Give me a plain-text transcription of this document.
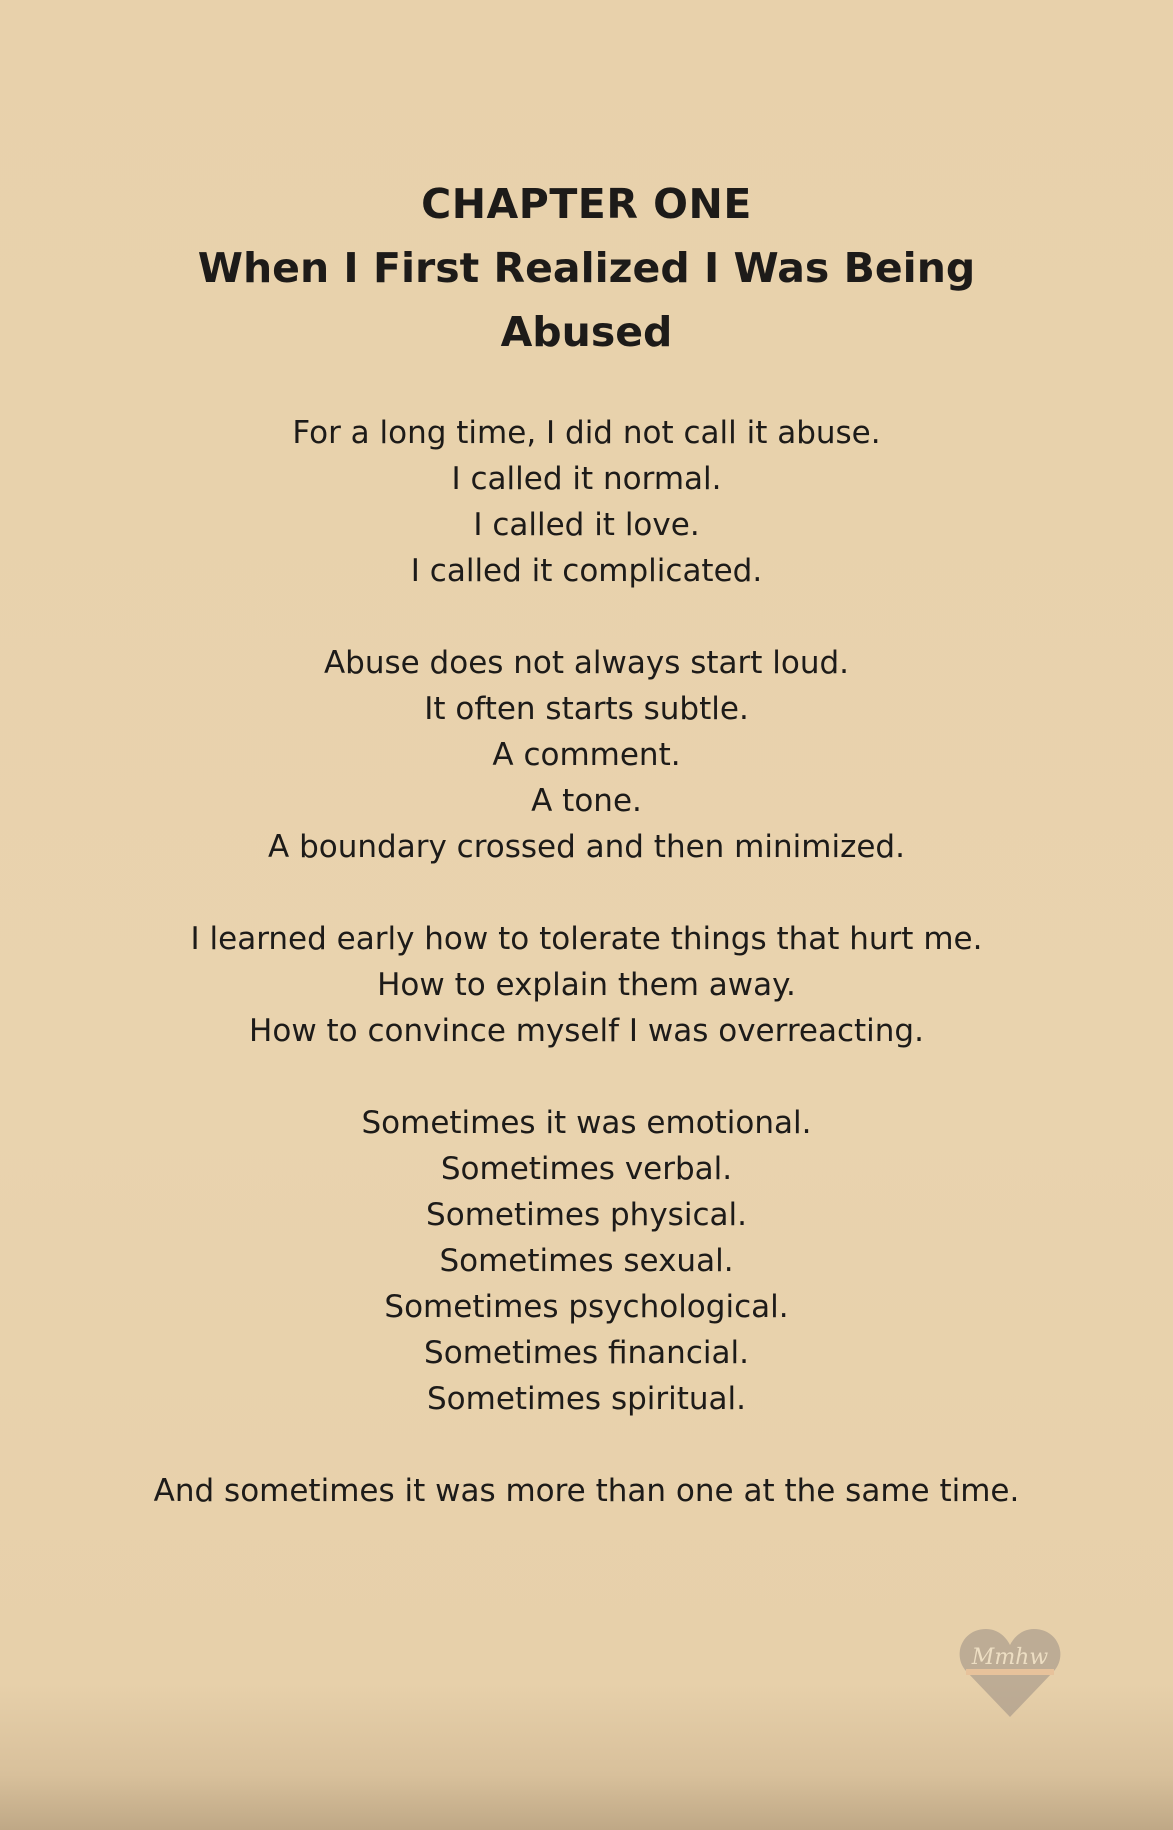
CHAPTER ONE
When I First Realized I Was Being Abused
For a long time, I did not call it abuse.
I called it normal.
I called it love.
I called it complicated.
Abuse does not always start loud.
It often starts subtle.
A comment.
A tone.
A boundary crossed and then minimized.
I learned early how to tolerate things that hurt me.
How to explain them away.
How to convince myself I was overreacting.
Sometimes it was emotional.
Sometimes verbal.
Sometimes physical.
Sometimes sexual.
Sometimes psychological.
Sometimes financial.
Sometimes spiritual.
And sometimes it was more than one at the same time.
Mmhw
